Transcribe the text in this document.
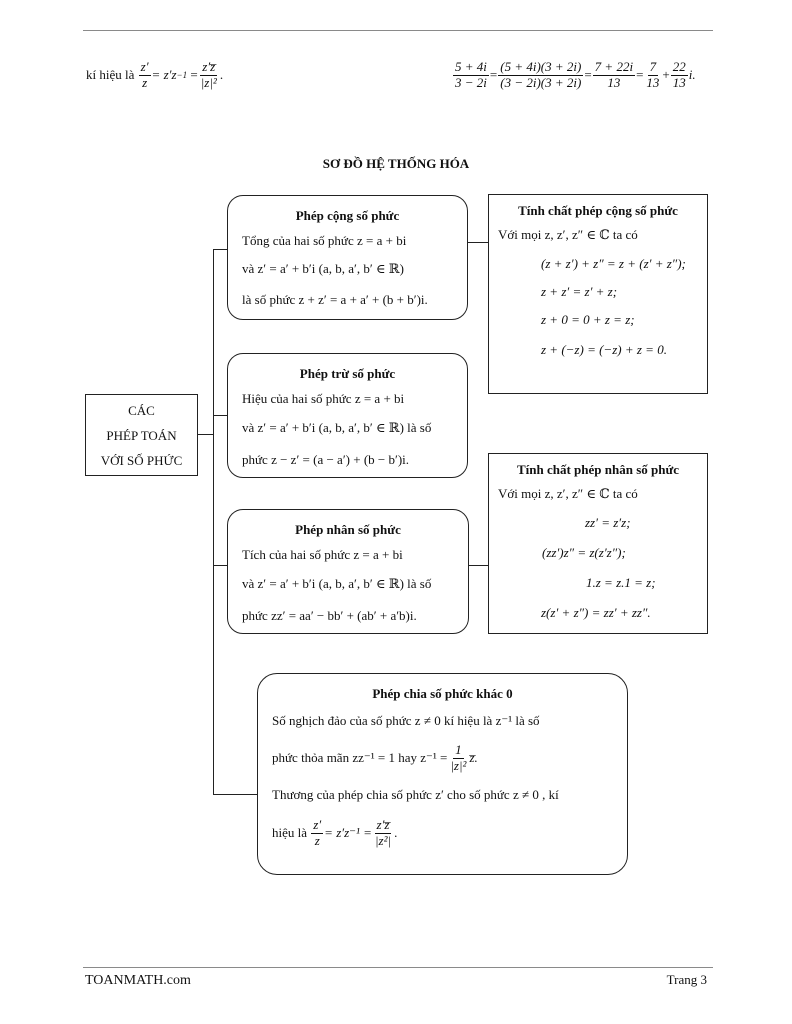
kí hiệu là
$\frac{z'}{z} = z'z -1$
= $\frac{z'z̅}{\text{|z|²}}$ .	$\frac{5 + 4i}{3 - 2i} = \frac{(5 + 4i)(3 + 2i)}{(3 - 2i)(3 + 2i)} = \frac{7 + 22i}{13} = \frac{7}{13} + \frac{22}{13} i$.
SƠ ĐỒ HỆ THỐNG HÓA
CÁC
PHÉP TOÁN
VỚI SỐ PHỨC
Phép cộng số phức
Tổng của hai số phức z = a + bi
và z′ = a′ + b′i (a, b, a′, b′ ∈ ℝ)
là số phức z + z′ = a + a′ + (b + b′)i.
Phép trừ số phức
Hiệu của hai số phức z = a + bi
và z′ = a′ + b′i (a, b, a′, b′ ∈ ℝ) là số
phức z − z′ = (a − a′) + (b − b′)i.
Phép nhân số phức
Tích của hai số phức z = a + bi
và z′ = a′ + b′i (a, b, a′, b′ ∈ ℝ) là số
phức zz′ = aa′ − bb′ + (ab′ + a′b)i.
Tính chất phép cộng số phức
Với mọi z, z′, z″ ∈ ℂ ta có
(z + z′) + z″ = z + (z′ + z″);
z + z′ = z′ + z;
z + 0 = 0 + z = z;
z + (−z) = (−z) + z = 0.
Tính chất phép nhân số phức
Với mọi z, z′, z″ ∈ ℂ ta có
zz′ = z′z;
(zz′)z″ = z(z′z″);
1.z = z.1 = z;
z(z′ + z″) = zz′ + zz″.
Phép chia số phức khác 0
Số nghịch đảo của số phức z ≠ 0 kí hiệu là z⁻¹ là số
phức thỏa mãn zz⁻¹ = 1 hay $z^{-1} = \frac{1}{\text{|z|²}}$ z̅.
Thương của phép chia số phức z′ cho số phức z ≠ 0 , kí
hiệu là
$\frac{z'}{z} = z'z^{-1} = \frac{z'z̅}{\text{|z²|}}$ .
TOANMATH.com	Trang 3
